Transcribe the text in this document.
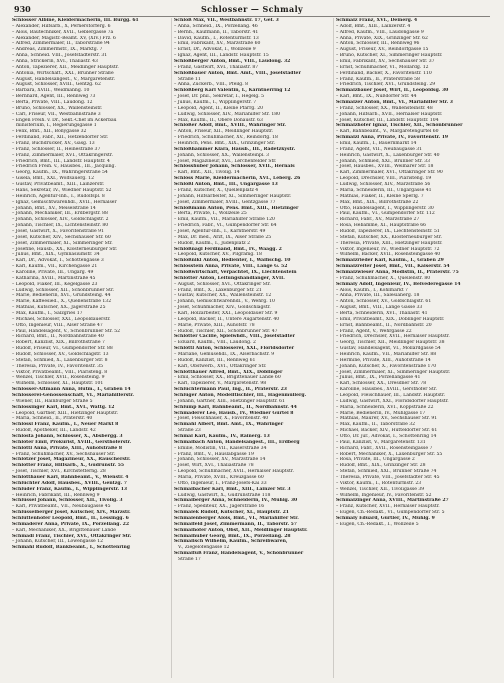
930	Schlosser — Schmaly
Schlosser Albine, Kleidermacherin, III. Burgg. 61
– Alexander, Hilfsarb., X, Pernerstorferg. 6
– Alois, Bautechniker, XVII., Geblergasse 7a
– Alexander, Magistr.-Beamt. XV, (XIV.) Frz. 6
– Alfred, Zimmermaler, II., Taborstraße 94
– Andreas, Zimmermstr., IX., Marktg. 7
– Anna, Schneid. VIII., Josefstädterstr. 31
– Anna, Strickerin, XVI., Thaliastr. 43
– Anton, Tapezierer, XII., Meidlinger Hauptstr.
– Antonia, Wirtschaft., XXI., Brünner Straße
– August, Handelsangest., V., Margaretenstr.
– August, Schlosser, XVIII., Gentzg. 62
– Barbara, XVIII., Weidmanng. 10
– Bernhard, Agent, III., Rennweg 73
– Berta, Private, VIII., Laudong. 12
– Bruno, Schlosser, XX., Wallensteinstr.
– Carl, Friseur, VII., Westbahnstraße 3
– Engen Freih. v. Dr., Sekt.-Chef im Ackerbau
ministerium, I., Regierungsgasse 1
– Felix, Bmt., XII., Bonygasse 32
– Ferdinand, Fabr., XII., Hetzendorfer Str.
– Franz, Buchdrucker, XV., Gasg. 13
– Franz, Schlosser, II., Heinestraße 37
– Franz, Zimmermaler, XVI., Ottakringerstr.
– Friedrich, Bmt., III., Landstr. Hauptstr. 4
– Friedrich Freih. v., Hausbes., III., Jacquing.
– Georg, Kaufm., IX., Währingerstraße 54
– Gisela, Bmt., XXI., Wolfsauerg. 12
– Gustav, Privatbeamt., XIII., Lainzerstr.
– Hans, Sekretär, IV., Wiedner Hauptstr. 52
– Heinrich, Agentur-Inh., I., Rudolfspl. 8
– Ignaz, Gemischtwarenhdl., XVII., Hernalser
– Johann, Bmt., XV., Meiselstraße 14
– Johann, Mechaniker, III., Erdbergstr. 88
– Johann, Schlosser, XIV., Goldschlagstr. 2
– Johann, Tischler, IX., Lichtensteinstr. 80
– Josef, Gastwirt, X., Favoritenstraße 91
– Josef, Kutscher, XIV., Sechshauser Str. 60
– Josef, Zimmermaler, XI., Simmeringer Str.
– Josefine, Hausb., XX., Klosterneuburger Str.
– Julius, Bmt., XIX., Gymnasiumstr. 34
– Karl, Dr., Advokat, I., Schottengasse 3
– Karl, Kaufm., VII., Kirchengasse 21
– Karoline, Private, III., Ungarg. 49
– Katharina, XVIII., Martinstraße 45
– Leopold, Fiaker, III., Kegelgasse 23
– Ludwig, Schlosser, XII., Schönbrunner Str.
– Marie, Bedienerin, XVI., Grundsteing. 44
– Marie, Kaffeesied., X., Quellenstraße 132
– Mathias, Kutscher, XX., Jägerstraße 25
– Max, Kaufm., I., Salzgries 17
– Michael, Schlosser, XXI., Leopoldauerstr.
– Otto, Ingenieur, VIII., Alser Straße 47
– Paul, Handelsagent, V., Schönbrunner Str. 52
– Richard, Bmt., II., Nordbahnstraße 40
– Robert, Kanzlist, XIX., Billrothstraße 7
– Rudolf, Friseur, VI., Gumpendorfer Str. 88
– Rudolf, Schlosser, XV., Goldschlagstr. 13
– Stefan, Schmied, X., Laxenburger Str. 8
– Theresia, Private, IV., Favoritenstr. 35
– Viktor, Privatbeamt., VIII., Piaristeng. 8
– Wenzel, Tischler, XVII., Rosensteing. 9
– Wilhelm, Schlosser, XI., Hauptstr. 101
Schlosser-Altmann Anna, Hutm., I., Graben 14
Schlosserei-Genossenschaft, VI., Mariahilferstr.
– Wiener, III., Hainburger Straße 5
Schlossinger Karl, Bmt., XVI., Wattg. 12
– Leopold, Gärtner, XIII., Hietzinger Hauptstr.
– Maria, Schneid., II., Praterstr. 40
Schlössl Franz, Kaufm., I., Neuer Markt 8
– Rudolf, Apotheker, III., Landstr. 42
Schlosta Johann, Schlosser, X., Absbergg. 3
Schlöter Emil, Prokurist, XVIII., Gersthoferstr.
Schlöttl Anna, Private, XIII., Auhofstraße 8
– Franz, Schuhmacher, XV., Sechshauser Str.
Schlötzer Josef, Magazineur, XX., Rauscherstr.
Schlotter Franz, Hilfsarb., X., Gudrunstr. 55
– Josef, Tischler, XVI., Kirchstetterng. 28
Schlotthauer Karl, Bahnbeamt., V., Wienstr. 4
Schlüchter Adolf, Hausbes., XVIII., Gentzg. 7
Schluder Franz, Kaufm., I., Wipplingerstr. 13
– Heinrich, Fabrikant, III., Rennweg 9
Schlüssel Johann, Schlosser, XII., Tivolig. 3
– Karl, Privatbeamt., VII., Neubaugasse 45
Schlüsselberger Josef, Kutscher, XIV., Märzstr.
Schluttenhofer Leopold, Bmt., II., Lessingg. 6
Schmaderer Anna, Private, IX., Porzellang. 22
– Karl, Mechaniker, XX., Brigittenauer Lände
Schmadl Franz, Tischler, XVI., Ottakringer Str.
– Johann, Kutscher, III., Löwengasse 12
Schmahl Rudolf, Bankbeamt., I., Schottenring
Schloß Max, VII., Westbahnstr. 17, Gef. 3
– Anna, Schneid., IX., Porzellang. 46
– Bernh., Kaufmann, II., Taborstr. 41
– David, Kaufm., I., Rotenturmstr. 13
– Emil, Fabrikant, XV., Märzstraße 60
– Ernst, Dr., Advokat, I., Wollzeile 9
– Ignaz, Agent, III., Landstr. Hauptstr. 15
Schloßberger Anton, Bmt., VIII., Laudong. 32
– Franz, Gastwirt, XVI., Thaliastr. 87
Schloßbauer Anton, Bmt. Amt., VIII., Josefstädter
Straße 11
– Anna, Zuckerb., VIII., Pfeilg. 8
Schlößberg Karl Valentin, I., Kärntnerring 12
– Josef, Dr. phil., Sekretär, I., Hegelg. 5
– Julius, Kaufm., I., Wipplingerstr. 7
– Leopold, Agent, II., Kleine Pfarrg. 20
– Ludwig, Schlosser, XIV., Mariahilfer Str. 180
– Max, Kaufm., II., Obere Donaustr. 63
Schlößer Adolf, Bmt., XVIII., Währinger Str.
– Anton, Friseur, XII., Meidlinger Hauptstr.
– Friedrich, Schuhmacher, XV., Reindorfg. 18
– Heinrich, Pens. Bmt., XIX., Grinzinger Str.
Schloßhammer Klara, Hausb., III., Radetzkystr.
– Johann, Schlosser, XX., Wallensteinpl. 3
– Josef, Magazineur, XVI., Lerchenfelder Str.
Schlosshuber Johann, Schlosser, XVII., Hernals
– Karl, Bmt., XII., Tivolig. 14
Schlöss Marie, Kleidermacherin, XVI., Leberg. 26
Schlößl Anton, Bmt., III., Ungargasse 13
– Franz, Kutscher, X., Quellenplatz 4
– Johann, Hilfsarbeiter, XI., Simmeringer Hauptstr.
– Josef, Zimmermaler, XVIII., Gentzgasse 77
Schloßmann Anton, Pens. Bmt., XIII., Hietzinger
– Berta, Private, I., Wollzeile 25
– Emil, Kaufm., VII., Mariahilfer Straße 120
– Friedrich, Fabr., VI., Gumpendorfer Str. 64
– Josef, Agentur-Inh., I., Kärntnerstr. 49
– Max, Dr. med., Arzt, IX., Alser Straße 25
– Rudolf, Kaufm., I., Judenplatz 2
Schlößnagl Ferdinand, Bmt., IV., Waagg. 2
– Leopold, Kutscher, XV., Pilgramg. 18
Schloßnikl Anton, Bedienter, I., Walfischg. 10
Schlosstein Anna, Private, VIII., Lange G. 52
Schloßwirtschaft, Verpachtet, IX., Liechtenstein
Schlotter Anton, Leitungshandlanger, XVII.
– August, Schlosser, XVI., Ottakringer Str.
– Franz, Bmt., X., Laxenburger Str. 21
– Gustav, Kutscher, XX., Wallensteinstr. 12
– Johann, Gemischtwarenhdl., V., Wehrg. 10
– Josef, Schuhmacher, XIV., Goldschlagstr.
– Karl, Holzarbeiter, XXI., Leopoldauer Str. 9
– Leopold, Bäcker, II., Untere Augartenstr. 40
– Marie, Private, XIII., Auhofstr. 78
– Rudolf, Tischler, XII., Schönbrunner Str. 47
Schlötter Cäcilie, Spielwhdl., VIII., Josefstädter
– Eduard, Kaufm., VIII., Laudong. 2
Schlöttl Anton, Schlosserei, XXI., Floridsdorfer
– Mariane, Gemüsehdl., IX., Alserbachstr. 9
– Rudolf, Kanzlist, III., Rennweg 61
– Karl, Obstwerb., XVI., Ottakringer Str.
Schlotthauer Alfred, Bmt., XIX., Döblinger
– Emil, Schlosser, XX., Brigittenauer Lände 60
– Karl, Tapezierer, V., Margaretenstr. 98
Schlüchtermann Paul, Ing., II., Praterstr. 23
Schlüger Anton, Modelltischler, III., Hagenmüllerg.
– Johann, Gärtner, XIII., Hietzinger Hauptstr. 61
Schlump Karl, Bahnbeamt., II., Nordbahnstr. 44
Schmaderer Leo, Hausb., IV., Wiedner Gürtel 8
– Josef, Fleischhauer, X., Favoritenstr. 40
Schmahl Albert, Bmt. Amt., IX., Währinger
Straße 23
Schmal Karl, Kaufm., IV., Rainerg. 13
Schmalbach Anton, Handelsangest., III., Erdberg
– Emilie, Modistin, VII., Kaiserstraße 34
– Franz, Bmt., V., Hauslabgasse 19
– Johann, Schlosser, XV., Märzstraße 14
– Josef, Wirt, XVI., Thaliastraße 78
– Leopold, Schuhmacher, XVII., Hernalser Hauptstr.
– Maria, Private, XVIII., Kreuzgasse 60
– Otto, Ingenieur, I., Franz-Josefs-Kai 33
Schmalbacher Karl, Bmt., XIII., Lainzer Str. 3
– Ludwig, Gastwirt, X., Gudrunstraße 118
Schmalberger Anna, Schneiderin, IV., Mühlg. 30
– Franz, Spediteur, XX., Jägerstraße 16
Schmalek Rudolf, Kutscher, XI., Hauptstr. 21
Schmalenberger Alois, Bmt., VI., Mariahilfer Str.
Schmalfeld Josef, Zimmermann, II., Taborstr. 57
Schmalhofer Anton, Obst, XII., Meidlinger Hauptstr.
Schmalhuber Georg, Bmt., IX., Porzellang. 28
Schmalisch Wilhelm, Kaufm., Schreibwaren,
V., Ziegelofengasse 12
Schmalfuß Franz, Handelsagent, V., Schönbrunner
Straße 17
Schmalz Franz, XVI., Deinerg. 4
– Adolf, Bmt., XIII., Lainzerstr. 4
– Alfred, Kaufm., VIII., Laudongasse 9
– Anna, Private, XIX., Grinzinger Str. 62
– Anton, Schlosser, III., Rennweg 96
– August, Friseur, XV., Reindorfgasse 15
– Bruno, Kutscher, XI., Simmeringer Hauptstr.
– Emil, Fabrikant, XV., Sechshauser Str. 37
– Ernst, Schuhmacher, VI., Mollardg. 12
– Ferdinand, Bäcker, X., Favoritenstr. 110
– Franz, Kaufm., II., Praterstraße 58
– Friedrich, Tischler, XVI., Grundsteing. 29
Schmalzbauer Josef, Wirt, II., Leopoldsg. 30
– Karl, Bmt., IX., Nußdorfer Str. 44
Schmalzer Anton, Bmt., VI., Mariahilfer Str. 3
– Franz, Schlosser, XX., Wallensteinstr. 48
– Johann, Hilfsarb., XVII., Hernalser Hauptstr.
– Josef, Kutscher, III., Landstr. Hauptstr. 104
Schmalzhofer Ignaz, Tischler, XII., Schönbrunner
– Karl, Bahnbeamt., V., Margaretengürtel 60
Schmalzl Anna, Private, IV., Favoritenstr. 19
– Emil, Kaufm., I., Bauernmarkt 14
– Franz, Agent, VII., Neubaugasse 31
– Heinrich, Gastwirt, X., Laxenburger Str. 40
– Johann, Schmied, XXI., Brünner Str. 33
– Josef, Hausbes., XVIII., Weimarer Str. 18
– Karl, Zimmermaler, XVI., Ottakringer Str. 90
– Leopold, Drechsler, VIII., Piaristeng. 19
– Ludwig, Schlosser, XIV., Märzstraße 56
– Maria, Schneiderin, III., Ungargasse 41
– Mathias, Fiaker, II., Kleine Sperlg. 7
– Max, Bmt., XIX., Billrothstraße 22
– Otto, Handelsagent, I., Wipplingerstr. 30
– Paul, Kaufm., VI., Gumpendorfer Str. 112
– Richard, Fabr., XV., Märzstraße 27
– Rosa, Hebamme, XI., Hauptstraße 66
– Rudolf, Tapezierer, IX., Liechtensteinstr. 51
– Stefan, Kutscher, XX., Klosterneuburger Str.
– Theresia, Private, XIII., Hietzinger Hauptstr.
– Viktor, Ingenieur, IV., Wiedner Hauptstr. 72
– Wilhelm, Bäcker, XVII., Rosensteingasse 40
Schmalzrieder Karl, Kaufm., I., Graben 29
Schmalzreiter Josef, Bmt., VII., Kaiserstr. 54
Schmalzwieser Anna, Modistin, II., Praterstr. 75
– Franz, Schuhmacher, X., Quellenstr. 80
Schmaly Adolf, Ingenieur, IV., Belvederegasse 14
– Alois, Kaufm., I., Kohlmarkt 7
– Anna, Private, III., Salesianerg. 18
– Anton, Schlosser, XV., Goldschlagstr. 61
– August, Bmt., VIII., Lange Gasse 33
– Berta, Schneiderin, XVI., Thaliastr. 41
– Emil, Privatbeamt., XIX., Döblinger Hauptstr.
– Ernst, Bahnbeamt., II., Nordbahnstr. 20
– Franz, Agent, V., Wehrgasse 22
– Friedrich, Drechsler, XVII., Hernalser Hauptstr.
– Georg, Tischler, XII., Meidlinger Hauptstr. 38
– Gustav, Handelsagent, VI., Mollardgasse 54
– Heinrich, Kaufm., VII., Mariahilfer Str. 88
– Hermine, Private, XIII., Auhofstraße 14
– Johann, Kutscher, X., Favoritenstraße 170
– Josef, Zimmermaler, XI., Simmeringer Hauptstr.
– Julius, Bmt., IX., Porzellangasse 41
– Karl, Schlosser, XX., Dresdner Str. 78
– Karoline, Hausbes., XVIII., Gersthofer Str.
– Leopold, Fleischhauer, III., Landstr. Hauptstr.
– Ludwig, Gastwirt, XXI., Floridsdorfer Hauptstr.
– Maria, Schneiderin, XVI., Koppstraße 22
– Marie, Bedienerin, IV., Mühlgasse 17
– Mathias, Maurer, XV., Sechshauser Str. 91
– Max, Kaufm., II., Taborstraße 32
– Michael, Bäcker, XIV., Hütteldorfer Str. 61
– Otto, Dr. jur., Advokat, I., Schottenring 14
– Paul, Kanzlist, V., Margaretenstr. 131
– Richard, Fabr., XVII., Rosensteingasse 7
– Robert, Mechaniker, X., Laxenburger Str. 55
– Rosa, Private, III., Ungargasse 2
– Rudolf, Bmt., XIX., Grinzinger Str. 28
– Stefan, Schmied, XXI., Brünner Straße 74
– Theresia, Private, VIII., Josefstädter Str. 45
– Viktor, Kaufm., I., Rotenturmstr. 23
– Wenzel, Tischler, XII., Tivoligasse 39
– Wilhelm, Ingenieur, IV., Favoritenstr. 52
Schmalzinger Anna, XVIII., Martinstraße 27
– Franz, Kutscher, XVII., Hernalser Hauptstr.
– Eugen, Ch.-Redakt., VI., Gumpendorfer Str. 5
Schmaly Eduard, Gürtler, IV., Mühlg. 9
– Eugen, Ch.-Redakt., I., Wollzeile 5
